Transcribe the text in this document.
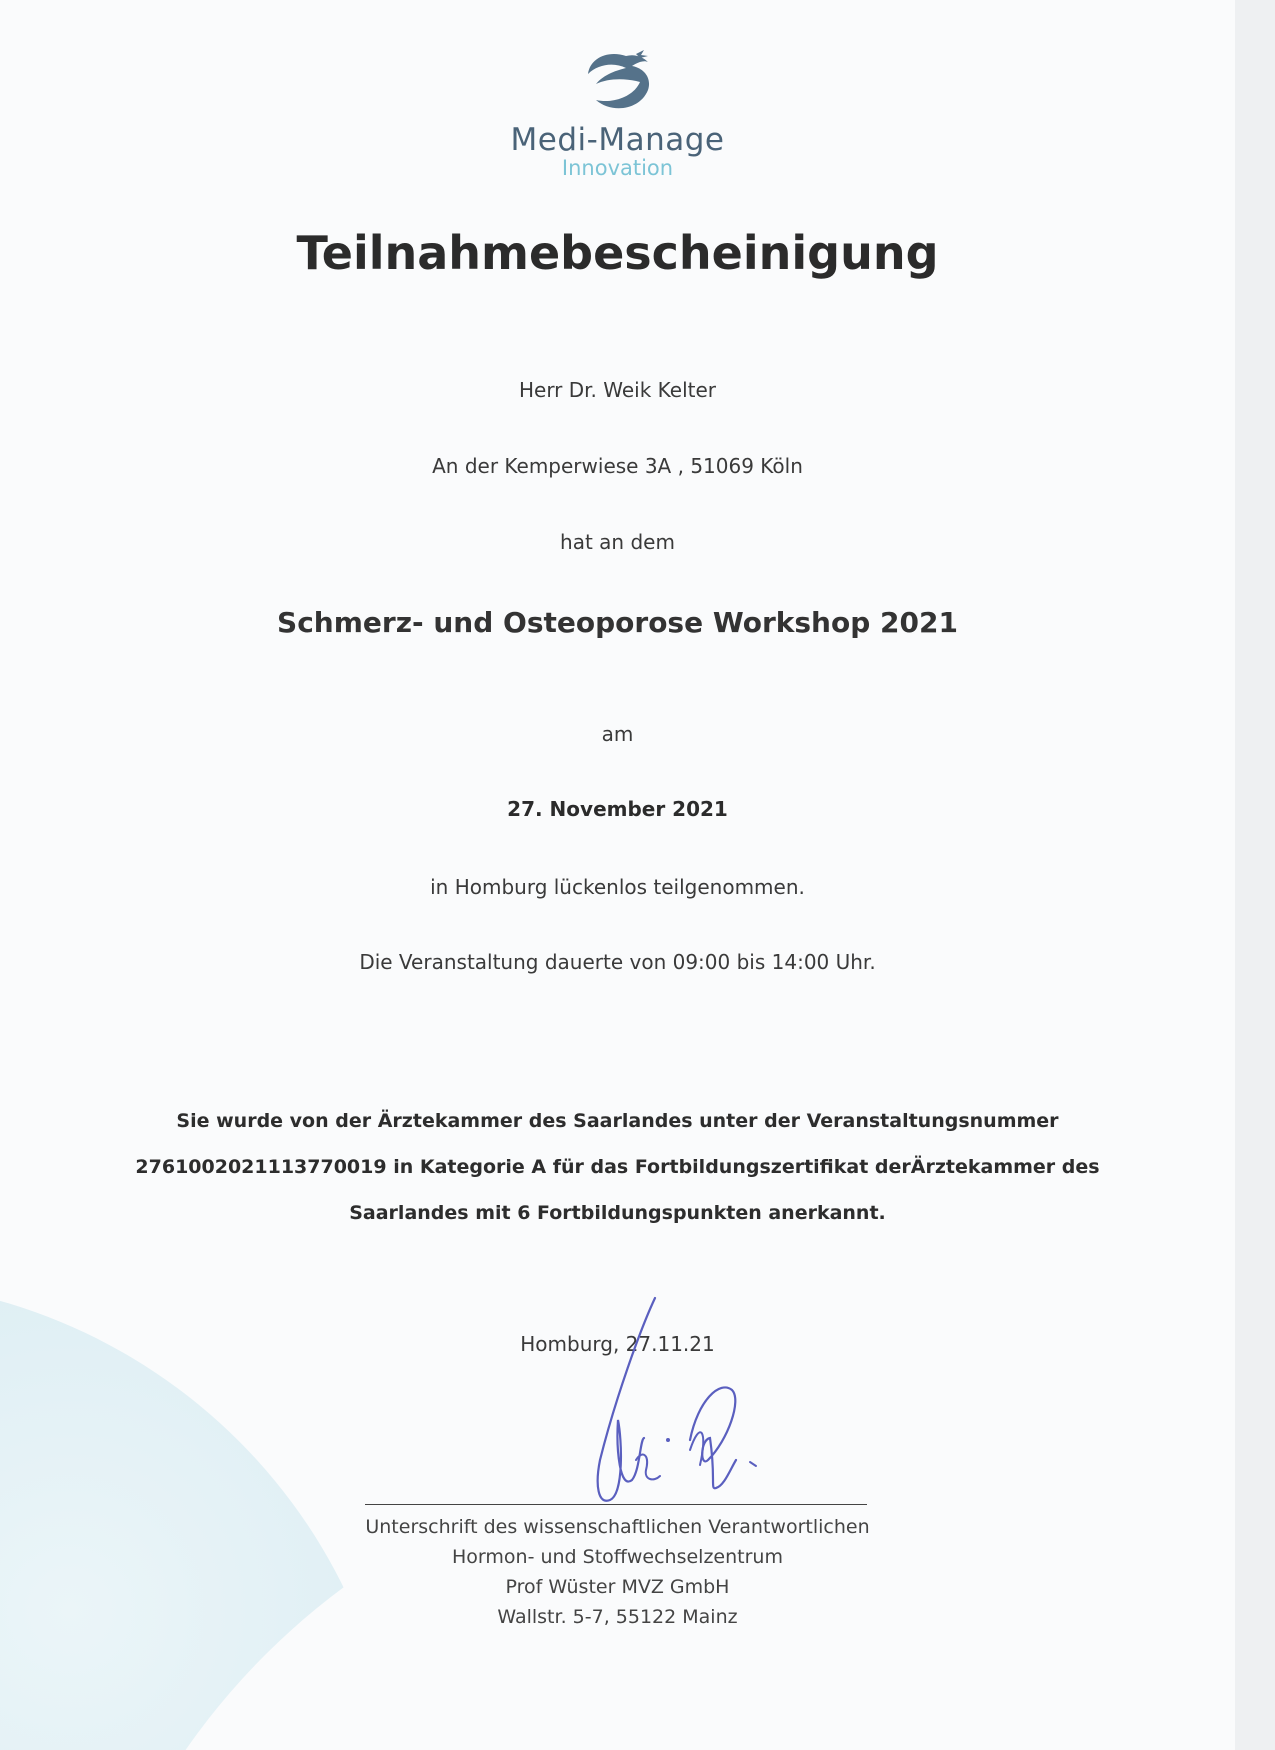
Medi-Manage
Innovation
Teilnahmebescheinigung
Herr Dr. Weik Kelter
An der Kemperwiese 3A , 51069 Köln
hat an dem
Schmerz- und Osteoporose Workshop 2021
am
27. November 2021
in Homburg lückenlos teilgenommen.
Die Veranstaltung dauerte von 09:00 bis 14:00 Uhr.
Sie wurde von der Ärztekammer des Saarlandes unter der Veranstaltungsnummer
2761002021113770019 in Kategorie A für das Fortbildungszertifikat derÄrztekammer des
Saarlandes mit 6 Fortbildungspunkten anerkannt.
Homburg, 27.11.21
Unterschrift des wissenschaftlichen Verantwortlichen
Hormon- und Stoffwechselzentrum
Prof Wüster MVZ GmbH
Wallstr. 5-7, 55122 Mainz
